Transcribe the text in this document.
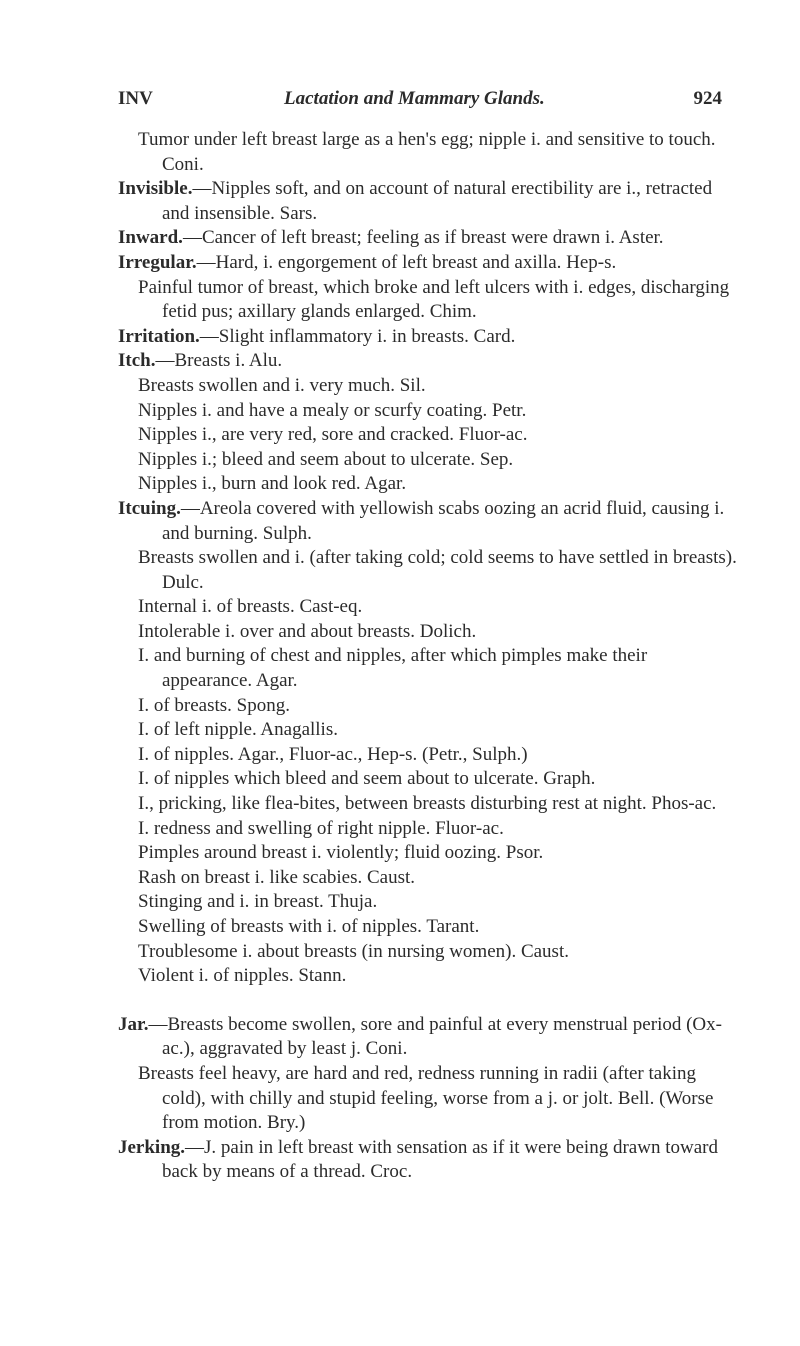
INV	Lactation and Mammary Glands.	924

Tumor under left breast large as a hen's egg; nipple i. and sensitive to touch. Coni.

Invisible.—Nipples soft, and on account of natural erectibility are i., retracted and insensible. Sars.

Inward.—Cancer of left breast; feeling as if breast were drawn i. Aster.

Irregular.—Hard, i. engorgement of left breast and axilla. Hep-s.

Painful tumor of breast, which broke and left ulcers with i. edges, discharging fetid pus; axillary glands enlarged. Chim.

Irritation.—Slight inflammatory i. in breasts. Card.

Itch.—Breasts i. Alu.

Breasts swollen and i. very much. Sil.

Nipples i. and have a mealy or scurfy coating. Petr.

Nipples i., are very red, sore and cracked. Fluor-ac.

Nipples i.; bleed and seem about to ulcerate. Sep.

Nipples i., burn and look red. Agar.

Itcuing.—Areola covered with yellowish scabs oozing an acrid fluid, causing i. and burning. Sulph.

Breasts swollen and i. (after taking cold; cold seems to have settled in breasts). Dulc.

Internal i. of breasts. Cast-eq.

Intolerable i. over and about breasts. Dolich.

I. and burning of chest and nipples, after which pimples make their appearance. Agar.

I. of breasts. Spong.

I. of left nipple. Anagallis.

I. of nipples. Agar., Fluor-ac., Hep-s. (Petr., Sulph.)

I. of nipples which bleed and seem about to ulcerate. Graph.

I., pricking, like flea-bites, between breasts disturbing rest at night. Phos-ac.

I. redness and swelling of right nipple. Fluor-ac.

Pimples around breast i. violently; fluid oozing. Psor.

Rash on breast i. like scabies. Caust.

Stinging and i. in breast. Thuja.

Swelling of breasts with i. of nipples. Tarant.

Troublesome i. about breasts (in nursing women). Caust.

Violent i. of nipples. Stann.

Jar.—Breasts become swollen, sore and painful at every menstrual period (Ox-ac.), aggravated by least j. Coni.

Breasts feel heavy, are hard and red, redness running in radii (after taking cold), with chilly and stupid feeling, worse from a j. or jolt. Bell. (Worse from motion. Bry.)

Jerking.—J. pain in left breast with sensation as if it were being drawn toward back by means of a thread. Croc.
